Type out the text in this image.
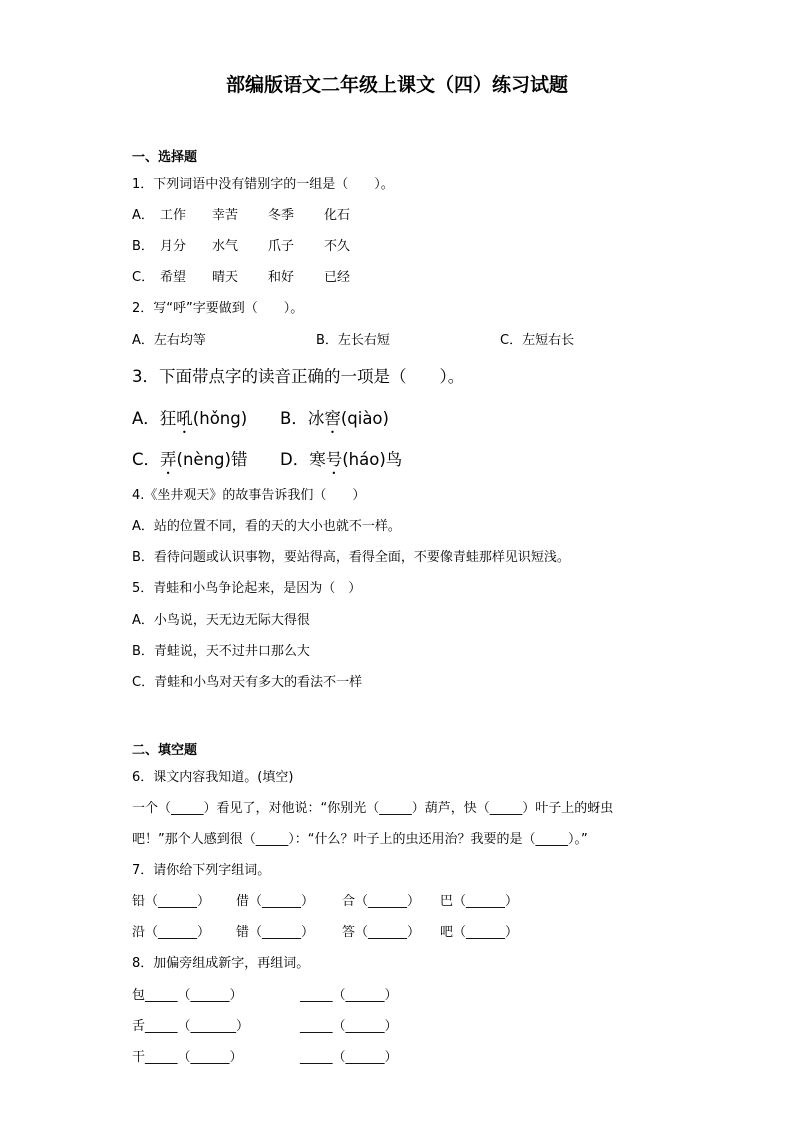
部编版语文二年级上课文（四）练习试题
一、选择题
1．下列词语中没有错别字的一组是（　　）。
A． 工作 幸苦 冬季 化石
B． 月分 水气 爪子 不久
C． 希望 晴天 和好 已经
2．写“呼”字要做到（　　）。
A．左右均等	B．左长右短	C．左短右长
3．下面带点字的读音正确的一项是（　　）。
A．狂吼(hǒng) B．冰窖(qiào)
C．弄(nèng)错 D．寒号(háo)鸟
4.《坐井观天》的故事告诉我们（　　）
A．站的位置不同，看的天的大小也就不一样。
B．看待问题或认识事物，要站得高，看得全面，不要像青蛙那样见识短浅。
5．青蛙和小鸟争论起来，是因为（　）
A．小鸟说，天无边无际大得很
B．青蛙说，天不过井口那么大
C．青蛙和小鸟对天有多大的看法不一样
二、填空题
6．课文内容我知道。(填空)
一个（_____）看见了，对他说：“你别光（_____）葫芦，快（_____）叶子上的蚜虫
吧！”那个人感到很（_____）：“什么？叶子上的虫还用治？我要的是（_____）。”
7．请你给下列字组词。
铅（______） 借（______） 合（______） 巴（______）
沿（______） 错（______） 答（______） 吧（______）
8．加偏旁组成新字，再组词。
包_____（______）	_____（______）
舌_____（_______）	_____（______）
干_____（______）	_____（______）
